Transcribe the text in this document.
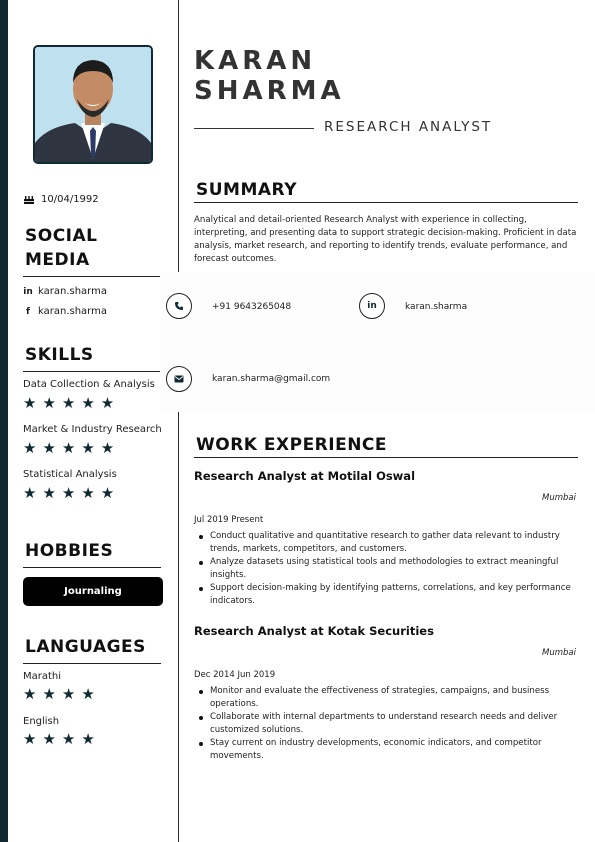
10/04/1992
SOCIAL
MEDIA
in karan.sharma
f karan.sharma
SKILLS
Data Collection & Analysis
★★★★★
Market & Industry Research
★★★★★
Statistical Analysis
★★★★★
HOBBIES
Journaling
LANGUAGES
Marathi
★★★★
English
★★★★
KARAN
SHARMA
RESEARCH ANALYST
SUMMARY
Analytical and detail-oriented Research Analyst with experience in collecting, interpreting, and presenting data to support strategic decision-making. Proficient in data analysis, market research, and reporting to identify trends, evaluate performance, and forecast outcomes.
+91 9643265048	in	karan.sharma
karan.sharma@gmail.com
WORK EXPERIENCE
Research Analyst at Motilal Oswal
Mumbai
Jul 2019 Present
Conduct qualitative and quantitative research to gather data relevant to industry trends, markets, competitors, and customers.
Analyze datasets using statistical tools and methodologies to extract meaningful insights.
Support decision-making by identifying patterns, correlations, and key performance indicators.
Research Analyst at Kotak Securities
Mumbai
Dec 2014 Jun 2019
Monitor and evaluate the effectiveness of strategies, campaigns, and business operations.
Collaborate with internal departments to understand research needs and deliver customized solutions.
Stay current on industry developments, economic indicators, and competitor movements.
